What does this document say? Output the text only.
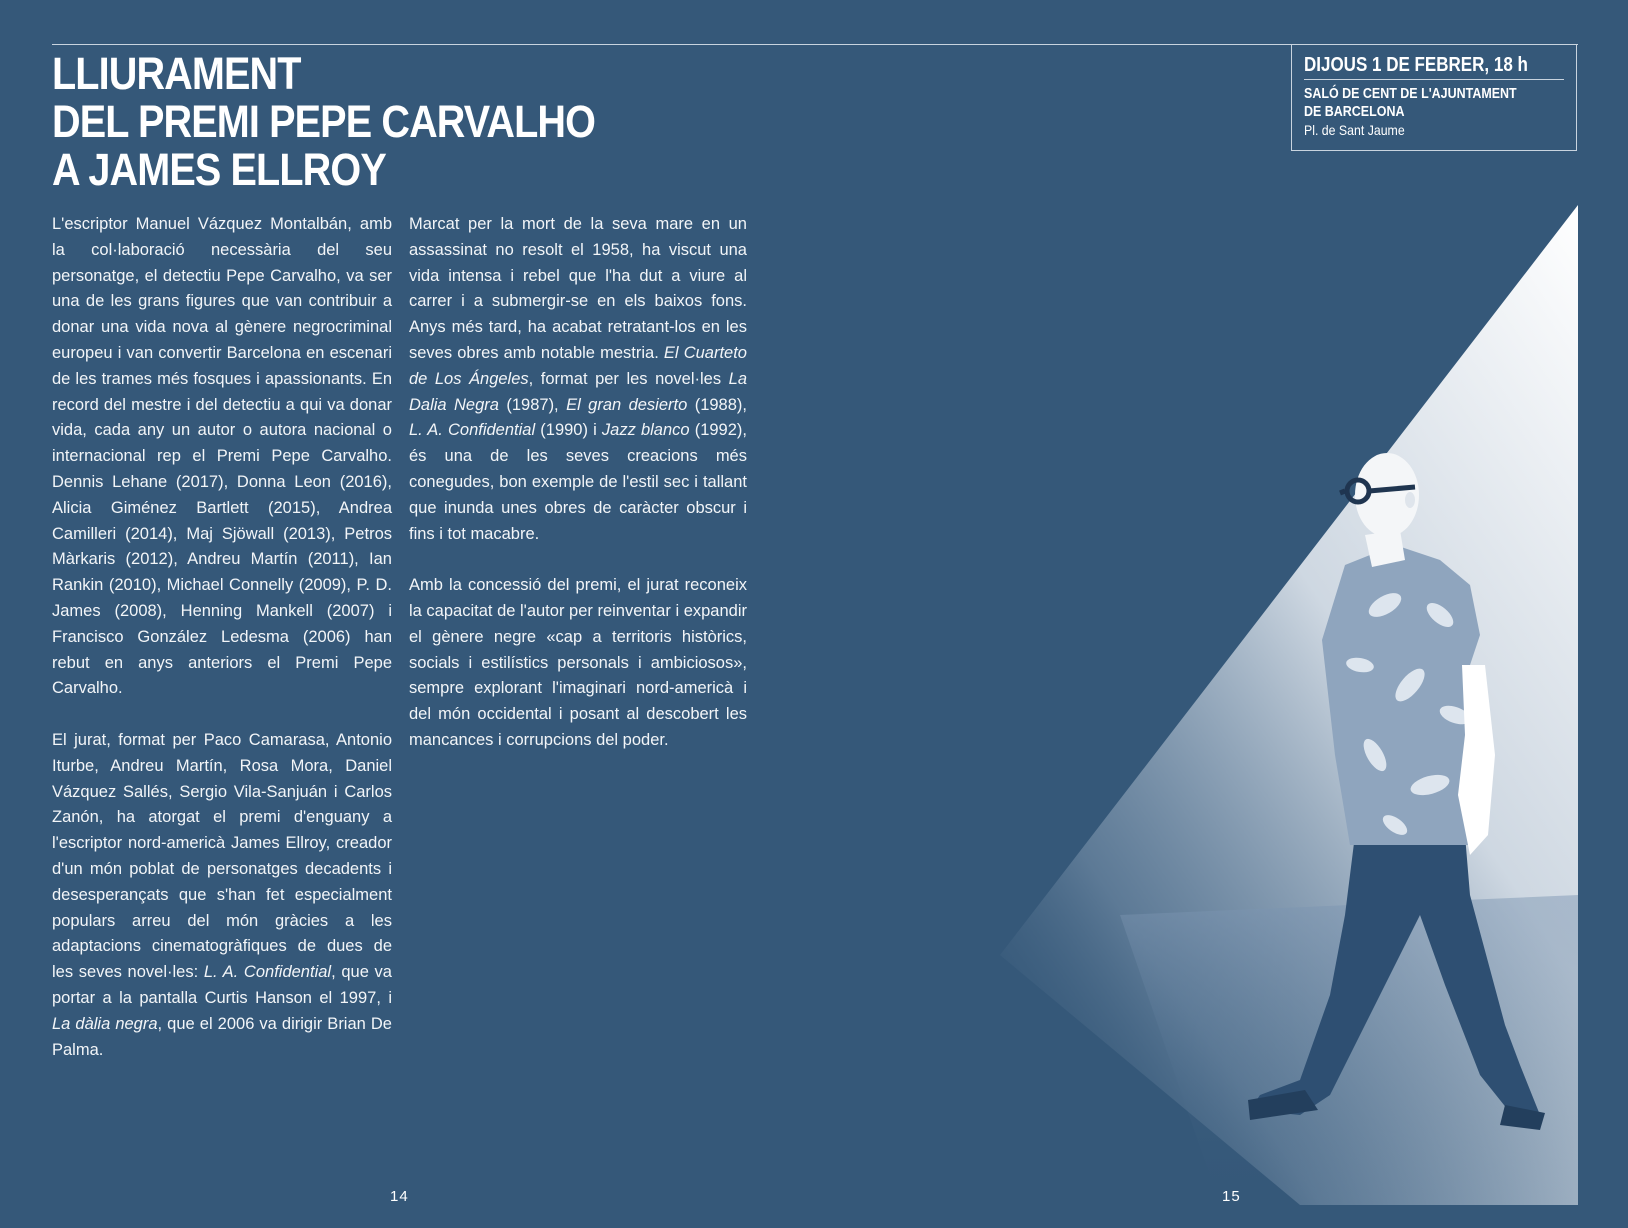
LLIURAMENT
DEL PREMI PEPE CARVALHO
A JAMES ELLROY
DIJOUS 1 DE FEBRER, 18 h
SALÓ DE CENT DE L'AJUNTAMENT
DE BARCELONA
Pl. de Sant Jaume

L'escriptor Manuel Vázquez Montalbán, amb la col·laboració necessària del seu personatge, el detectiu Pepe Carvalho, va ser una de les grans figures que van contribuir a donar una vida nova al gènere negrocriminal europeu i van convertir Barcelona en escenari de les trames més fosques i apassionants. En record del mestre i del detectiu a qui va donar vida, cada any un autor o autora nacional o internacional rep el Premi Pepe Carvalho. Dennis Lehane (2017), Donna Leon (2016), Alicia Giménez Bartlett (2015), Andrea Camilleri (2014), Maj Sjöwall (2013), Petros Màrkaris (2012), Andreu Martín (2011), Ian Rankin (2010), Michael Connelly (2009), P. D. James (2008), Henning Mankell (2007) i Francisco González Ledesma (2006) han rebut en anys anteriors el Premi Pepe Carvalho.

El jurat, format per Paco Camarasa, Antonio Iturbe, Andreu Martín, Rosa Mora, Daniel Vázquez Sallés, Sergio Vila-Sanjuán i Carlos Zanón, ha atorgat el premi d'enguany a l'escriptor nord-americà James Ellroy, creador d'un món poblat de personatges decadents i desesperançats que s'han fet especialment populars arreu del món gràcies a les adaptacions cinematogràfiques de dues de les seves novel·les: L. A. Confidential, que va portar a la pantalla Curtis Hanson el 1997, i La dàlia negra, que el 2006 va dirigir Brian De Palma.

Marcat per la mort de la seva mare en un assassinat no resolt el 1958, ha viscut una vida intensa i rebel que l'ha dut a viure al carrer i a submergir-se en els baixos fons. Anys més tard, ha acabat retratant-los en les seves obres amb notable mestria. El Cuarteto de Los Ángeles, format per les novel·les La Dalia Negra (1987), El gran desierto (1988), L. A. Confidential (1990) i Jazz blanco (1992), és una de les seves creacions més conegudes, bon exemple de l'estil sec i tallant que inunda unes obres de caràcter obscur i fins i tot macabre.

Amb la concessió del premi, el jurat reconeix la capacitat de l'autor per reinventar i expandir el gènere negre «cap a territoris històrics, socials i estilístics personals i ambiciosos», sempre explorant l'imaginari nord-americà i del món occidental i posant al descobert les mancances i corrupcions del poder.

14	15
